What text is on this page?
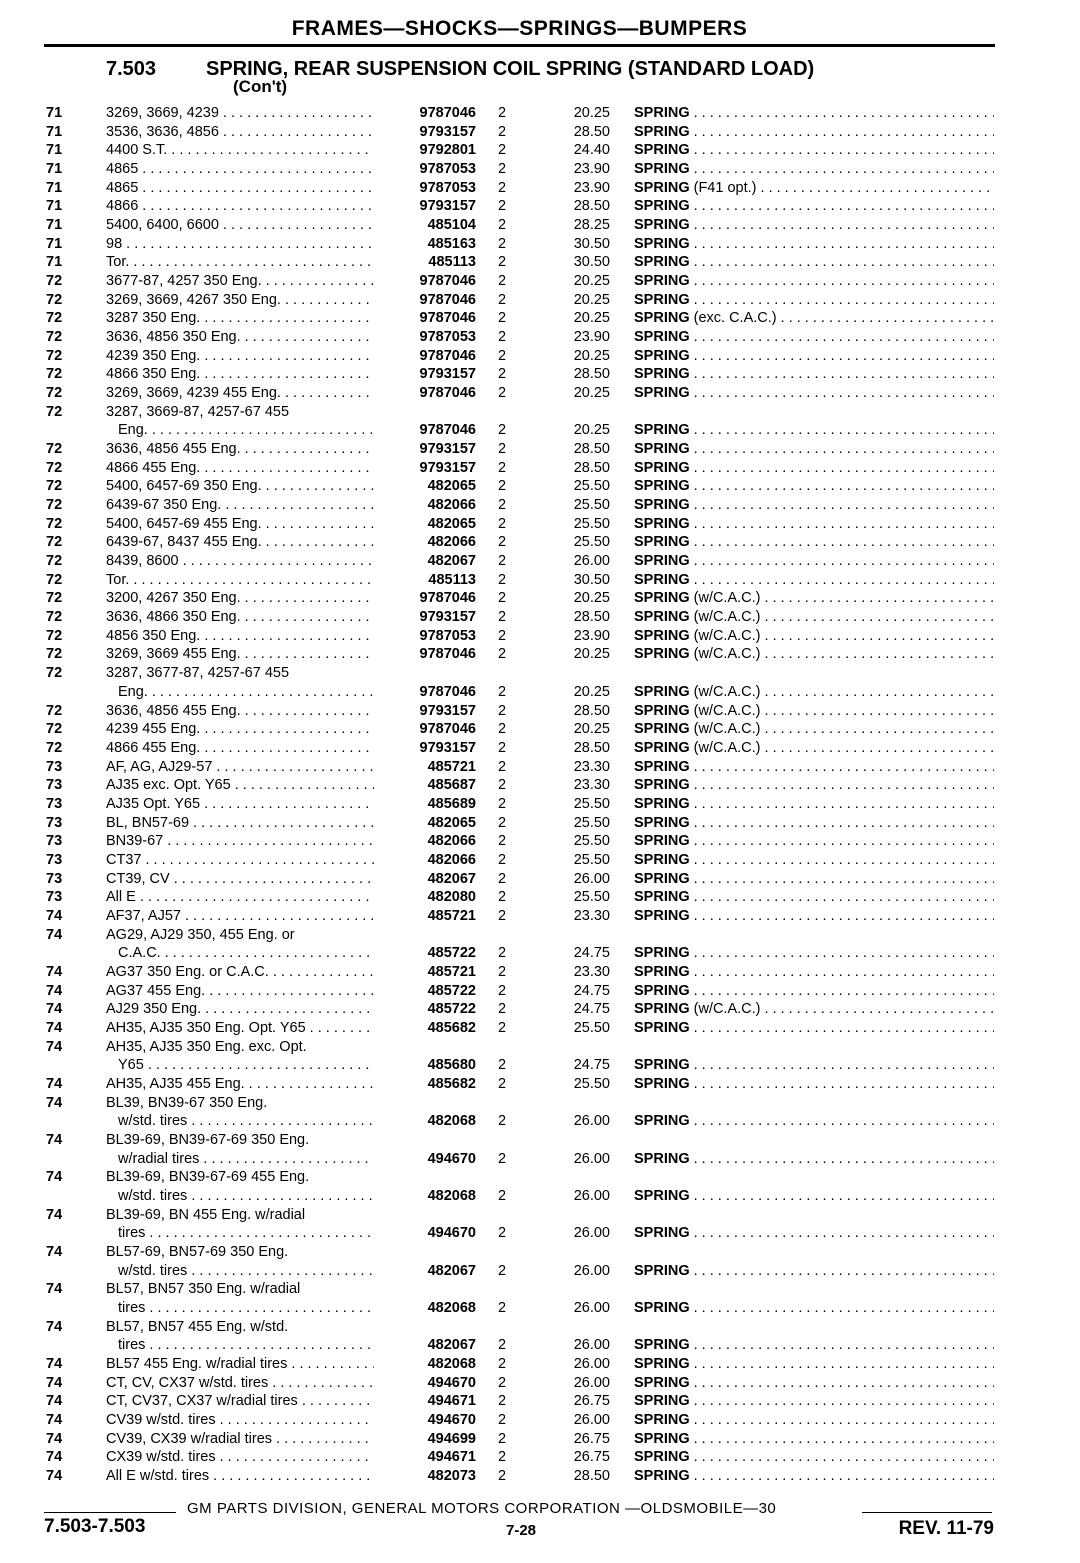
FRAMES—SHOCKS—SPRINGS—BUMPERS
7.503 SPRING, REAR SUSPENSION COIL SPRING (STANDARD LOAD)
(Con't)
71	3269, 3669, 4239 . . .	9787046 2	20.25 SPRING . . .
71	3536, 3636, 4856 . . .	9793157 2	28.50 SPRING . . .
71	4400 S.T. . . .	9792801 2	24.40 SPRING . . .
71	4865 . . .	9787053 2	23.90 SPRING . . .
71	4865 . . .	9787053 2	23.90 SPRING (F41 opt.) . . .
71	4866 . . .	9793157 2	28.50 SPRING . . .
71	5400, 6400, 6600 . . .	485104 2	28.25 SPRING . . .
71	98 . . .	485163 2	30.50 SPRING . . .
71	Tor. . . .	485113 2	30.50 SPRING . . .
72	3677-87, 4257 350 Eng. . . .	9787046 2	20.25 SPRING . . .
72	3269, 3669, 4267 350 Eng. . . .	9787046 2	20.25 SPRING . . .
72	3287 350 Eng. . . .	9787046 2	20.25 SPRING (exc. C.A.C.) . . .
72	3636, 4856 350 Eng. . . .	9787053 2	23.90 SPRING . . .
72	4239 350 Eng. . . .	9787046 2	20.25 SPRING . . .
72	4866 350 Eng. . . .	9793157 2	28.50 SPRING . . .
72	3269, 3669, 4239 455 Eng. . . .	9787046 2	20.25 SPRING . . .
72	3287, 3669-87, 4257-67 455
Eng. . . .	9787046 2	20.25 SPRING . . .
72	3636, 4856 455 Eng. . . .	9793157 2	28.50 SPRING . . .
72	4866 455 Eng. . . .	9793157 2	28.50 SPRING . . .
72	5400, 6457-69 350 Eng. . . .	482065 2	25.50 SPRING . . .
72	6439-67 350 Eng. . . .	482066 2	25.50 SPRING . . .
72	5400, 6457-69 455 Eng. . . .	482065 2	25.50 SPRING . . .
72	6439-67, 8437 455 Eng. . . .	482066 2	25.50 SPRING . . .
72	8439, 8600 . . .	482067 2	26.00 SPRING . . .
72	Tor. . . .	485113 2	30.50 SPRING . . .
72	3200, 4267 350 Eng. . . .	9787046 2	20.25 SPRING (w/C.A.C.) . . .
72	3636, 4866 350 Eng. . . .	9793157 2	28.50 SPRING (w/C.A.C.) . . .
72	4856 350 Eng. . . .	9787053 2	23.90 SPRING (w/C.A.C.) . . .
72	3269, 3669 455 Eng. . . .	9787046 2	20.25 SPRING (w/C.A.C.) . . .
72	3287, 3677-87, 4257-67 455
Eng. . . .	9787046 2	20.25 SPRING (w/C.A.C.) . . .
72	3636, 4856 455 Eng. . . .	9793157 2	28.50 SPRING (w/C.A.C.) . . .
72	4239 455 Eng. . . .	9787046 2	20.25 SPRING (w/C.A.C.) . . .
72	4866 455 Eng. . . .	9793157 2	28.50 SPRING (w/C.A.C.) . . .
73	AF, AG, AJ29-57 . . .	485721 2	23.30 SPRING . . .
73	AJ35 exc. Opt. Y65 . . .	485687 2	23.30 SPRING . . .
73	AJ35 Opt. Y65 . . .	485689 2	25.50 SPRING . . .
73	BL, BN57-69 . . .	482065 2	25.50 SPRING . . .
73	BN39-67 . . .	482066 2	25.50 SPRING . . .
73	CT37 . . .	482066 2	25.50 SPRING . . .
73	CT39, CV . . .	482067 2	26.00 SPRING . . .
73	All E . . .	482080 2	25.50 SPRING . . .
74	AF37, AJ57 . . .	485721 2	23.30 SPRING . . .
74	AG29, AJ29 350, 455 Eng. or
C.A.C. . . .	485722 2	24.75 SPRING . . .
74	AG37 350 Eng. or C.A.C. . . .	485721 2	23.30 SPRING . . .
74	AG37 455 Eng. . . .	485722 2	24.75 SPRING . . .
74	AJ29 350 Eng. . . .	485722 2	24.75 SPRING (w/C.A.C.) . . .
74	AH35, AJ35 350 Eng. Opt. Y65 . . .	485682 2	25.50 SPRING . . .
74	AH35, AJ35 350 Eng. exc. Opt.
Y65 . . .	485680 2	24.75 SPRING . . .
74	AH35, AJ35 455 Eng. . . .	485682 2	25.50 SPRING . . .
74	BL39, BN39-67 350 Eng.
w/std. tires . . .	482068 2	26.00 SPRING . . .
74	BL39-69, BN39-67-69 350 Eng.
w/radial tires . . .	494670 2	26.00 SPRING . . .
74	BL39-69, BN39-67-69 455 Eng.
w/std. tires . . .	482068 2	26.00 SPRING . . .
74	BL39-69, BN 455 Eng. w/radial
tires . . .	494670 2	26.00 SPRING . . .
74	BL57-69, BN57-69 350 Eng.
w/std. tires . . .	482067 2	26.00 SPRING . . .
74	BL57, BN57 350 Eng. w/radial
tires . . .	482068 2	26.00 SPRING . . .
74	BL57, BN57 455 Eng. w/std.
tires . . .	482067 2	26.00 SPRING . . .
74	BL57 455 Eng. w/radial tires . . .	482068 2	26.00 SPRING . . .
74	CT, CV, CX37 w/std. tires . . .	494670 2	26.00 SPRING . . .
74	CT, CV37, CX37 w/radial tires . . .	494671 2	26.75 SPRING . . .
74	CV39 w/std. tires . . .	494670 2	26.00 SPRING . . .
74	CV39, CX39 w/radial tires . . .	494699 2	26.75 SPRING . . .
74	CX39 w/std. tires . . .	494671 2	26.75 SPRING . . .
74	All E w/std. tires . . .	482073 2	28.50 SPRING . . .
GM PARTS DIVISION, GENERAL MOTORS CORPORATION —OLDSMOBILE—30
7.503-7.503	7-28	REV. 11-79
